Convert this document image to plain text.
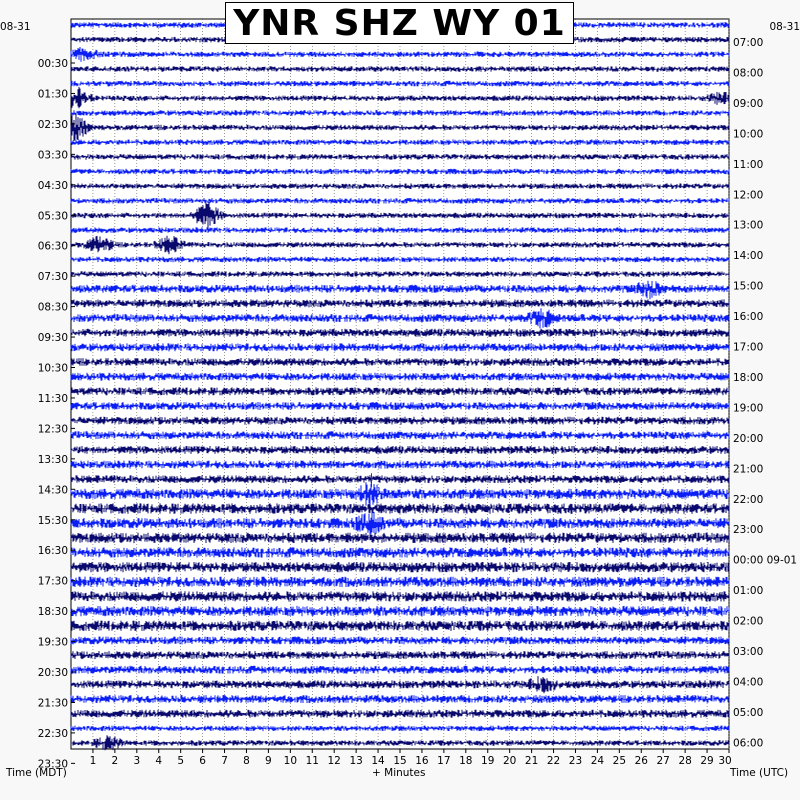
00:30
01:30
02:30
03:30
04:30
05:30
06:30
07:30
08:30
09:30
10:30
11:30
12:30
13:30
14:30
15:30
16:30
17:30
18:30
19:30
20:30
21:30
22:30
23:30
07:00
08:00
09:00
10:00
11:00
12:00
13:00
14:00
15:00
16:00
17:00
18:00
19:00
20:00
21:00
22:00
23:00
00:00 09-01
01:00
02:00
03:00
04:00
05:00
06:00
1 2 3 4 5 6 7 8 9 10 11 12 13 14 15 16 17 18 19 20 21 22 23 24 25 26 27 28 29 30
YNR SHZ WY 01
08-31	08-31
Time (MDT)	+ Minutes	Time (UTC)
